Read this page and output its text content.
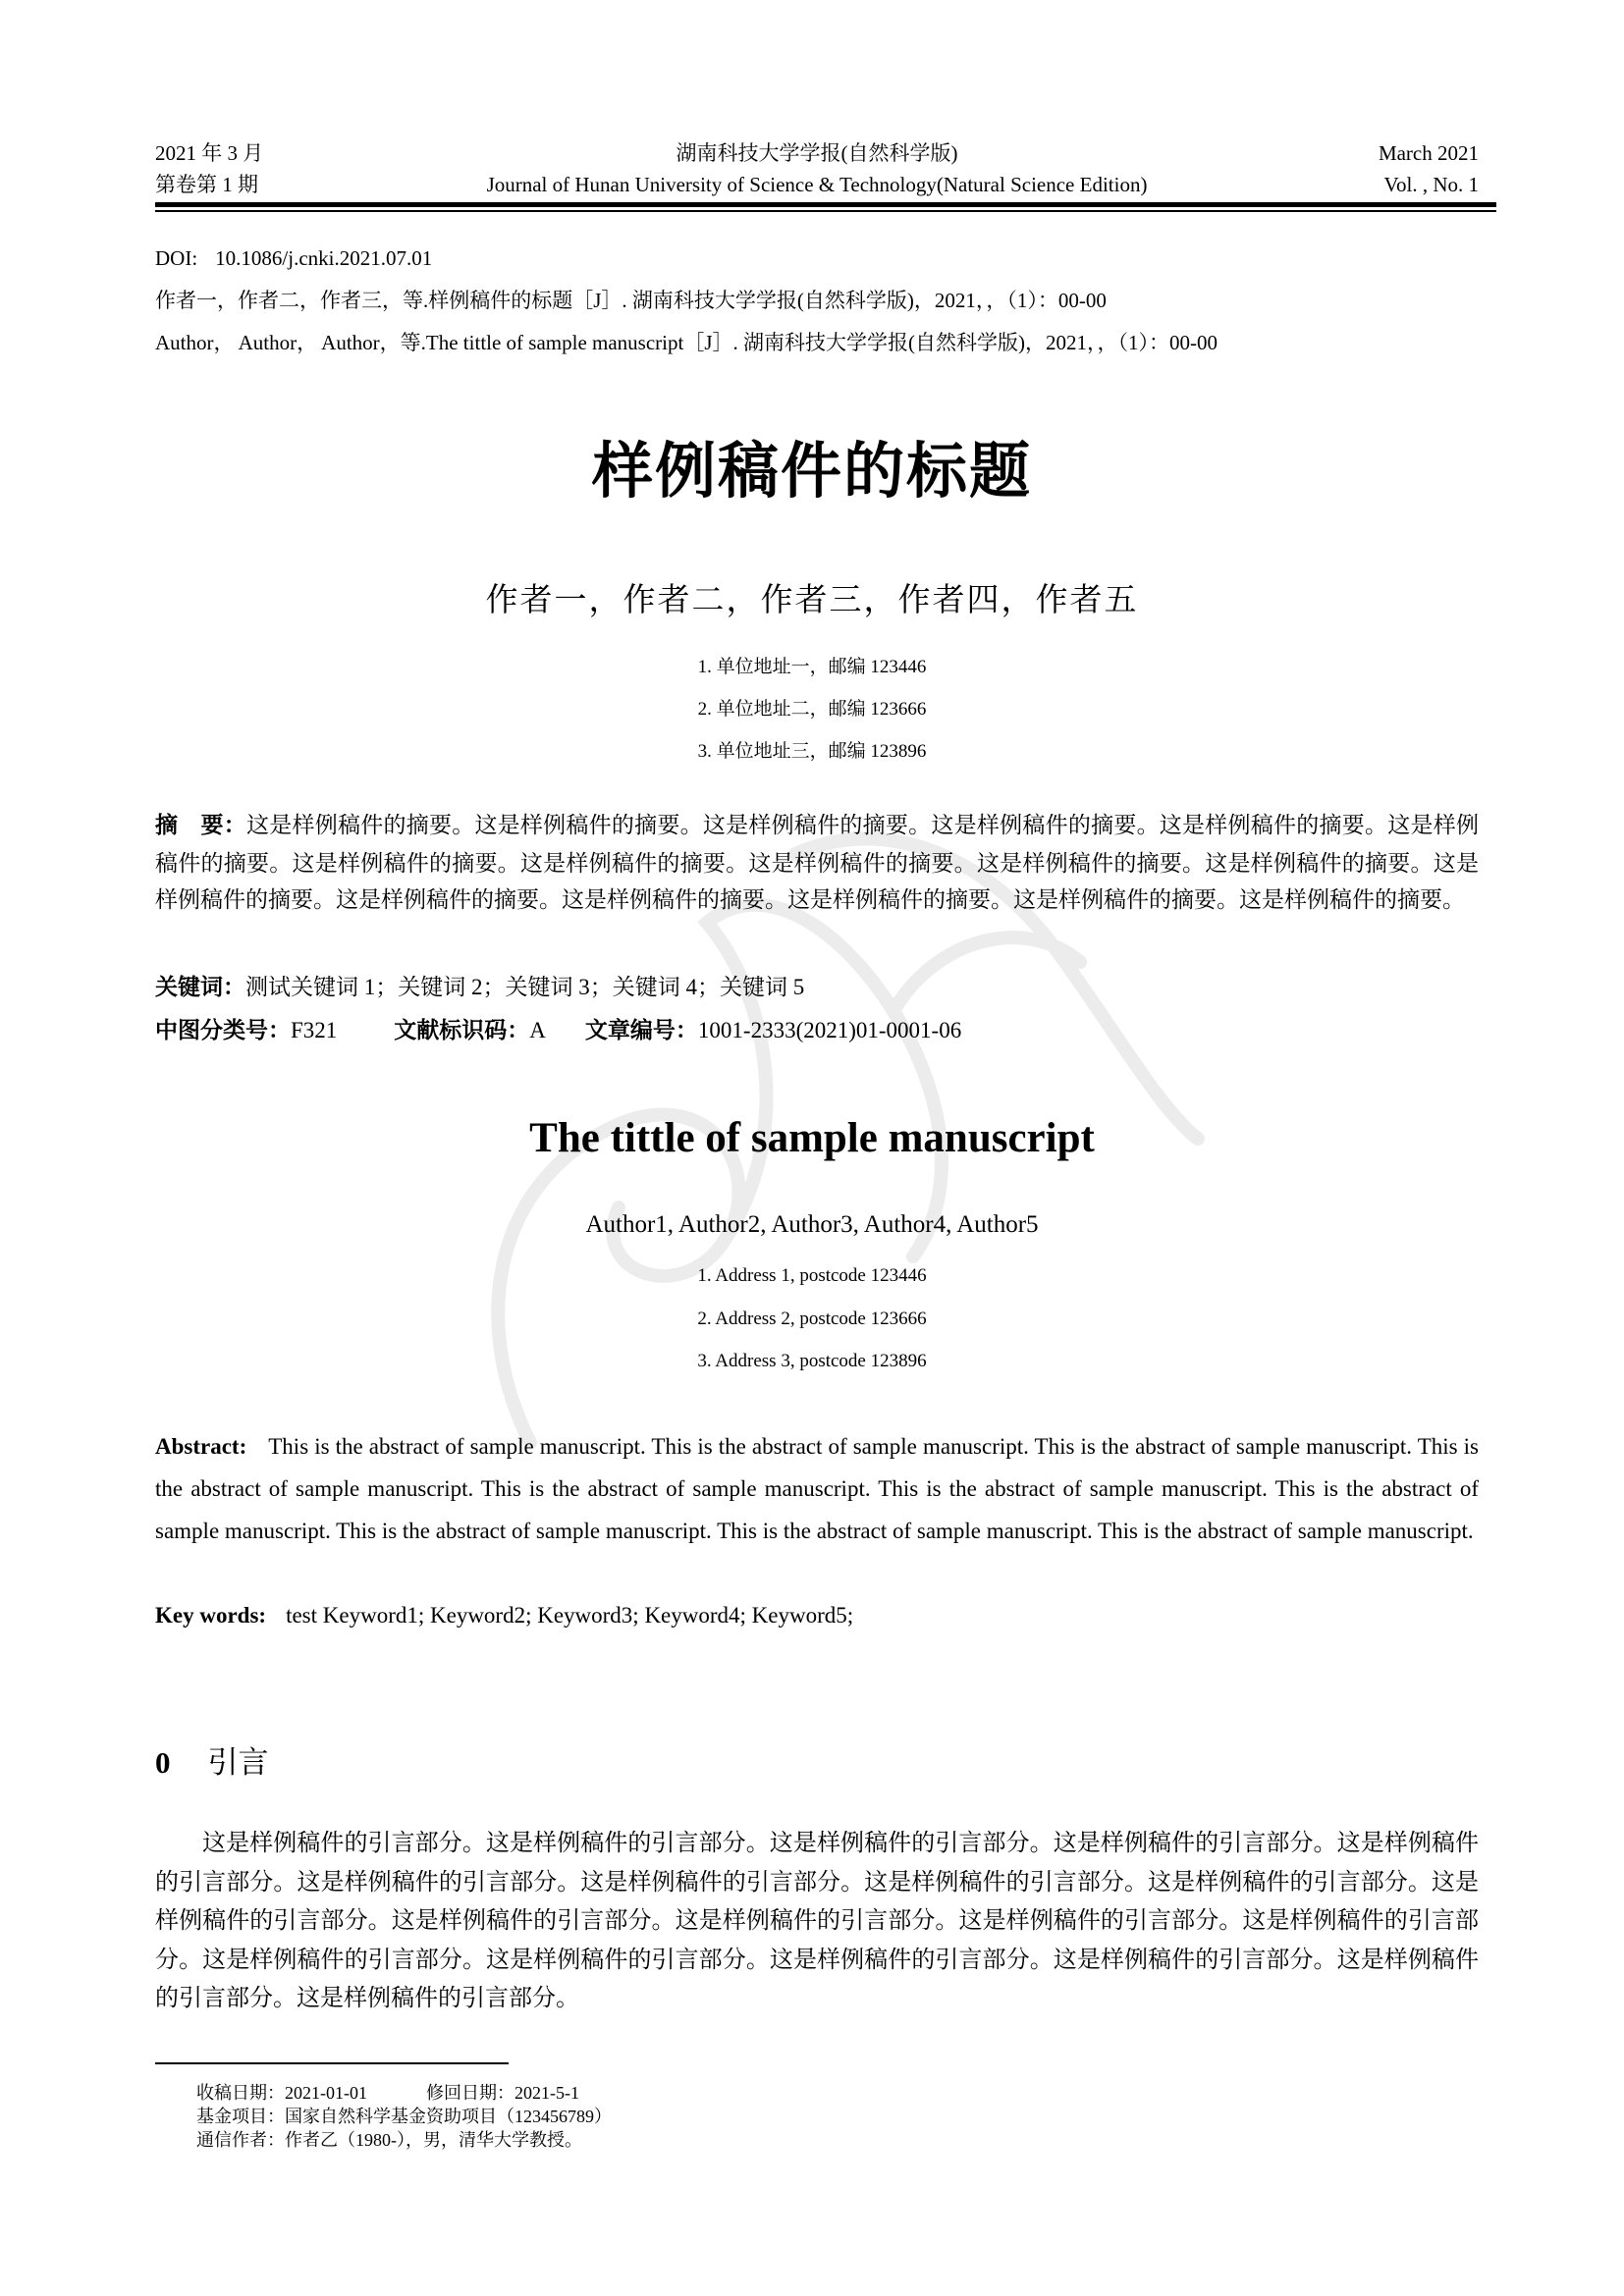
2021 年 3 月
第卷第 1 期
湖南科技大学学报(自然科学版)
Journal of Hunan University of Science & Technology(Natural Science Edition)
March 2021
Vol. , No. 1
DOI: 10.1086/j.cnki.2021.07.01
作者一，作者二，作者三，等.样例稿件的标题［J］. 湖南科技大学学报(自然科学版)，2021，，（1）：00-00
Author， Author， Author，等.The tittle of sample manuscript［J］. 湖南科技大学学报(自然科学版)，2021，，（1）：00-00
样例稿件的标题
作者一，作者二，作者三，作者四，作者五
1. 单位地址一，邮编 123446
2. 单位地址二，邮编 123666
3. 单位地址三，邮编 123896
摘　要：这是样例稿件的摘要。这是样例稿件的摘要。这是样例稿件的摘要。这是样例稿件的摘要。这是样例稿件的摘要。这是样例稿件的摘要。这是样例稿件的摘要。这是样例稿件的摘要。这是样例稿件的摘要。这是样例稿件的摘要。这是样例稿件的摘要。这是样例稿件的摘要。这是样例稿件的摘要。这是样例稿件的摘要。这是样例稿件的摘要。这是样例稿件的摘要。这是样例稿件的摘要。
关键词：测试关键词 1；关键词 2；关键词 3；关键词 4；关键词 5
中图分类号：F321	文献标识码：A 文章编号：1001-2333(2021)01-0001-06
The tittle of sample manuscript
Author1, Author2, Author3, Author4, Author5
1. Address 1, postcode 123446
2. Address 2, postcode 123666
3. Address 3, postcode 123896
Abstract: This is the abstract of sample manuscript. This is the abstract of sample manuscript. This is the abstract of sample manuscript. This is the abstract of sample manuscript. This is the abstract of sample manuscript. This is the abstract of sample manuscript. This is the abstract of sample manuscript. This is the abstract of sample manuscript. This is the abstract of sample manuscript. This is the abstract of sample manuscript.
Key words: test Keyword1; Keyword2; Keyword3; Keyword4; Keyword5;
0 引言
这是样例稿件的引言部分。这是样例稿件的引言部分。这是样例稿件的引言部分。这是样例稿件的引言部分。这是样例稿件的引言部分。这是样例稿件的引言部分。这是样例稿件的引言部分。这是样例稿件的引言部分。这是样例稿件的引言部分。这是样例稿件的引言部分。这是样例稿件的引言部分。这是样例稿件的引言部分。这是样例稿件的引言部分。这是样例稿件的引言部分。这是样例稿件的引言部分。这是样例稿件的引言部分。这是样例稿件的引言部分。这是样例稿件的引言部分。这是样例稿件的引言部分。这是样例稿件的引言部分。
收稿日期：2021-01-01	修回日期：2021-5-1
基金项目：国家自然科学基金资助项目（123456789）
通信作者：作者乙（1980-），男，清华大学教授。
